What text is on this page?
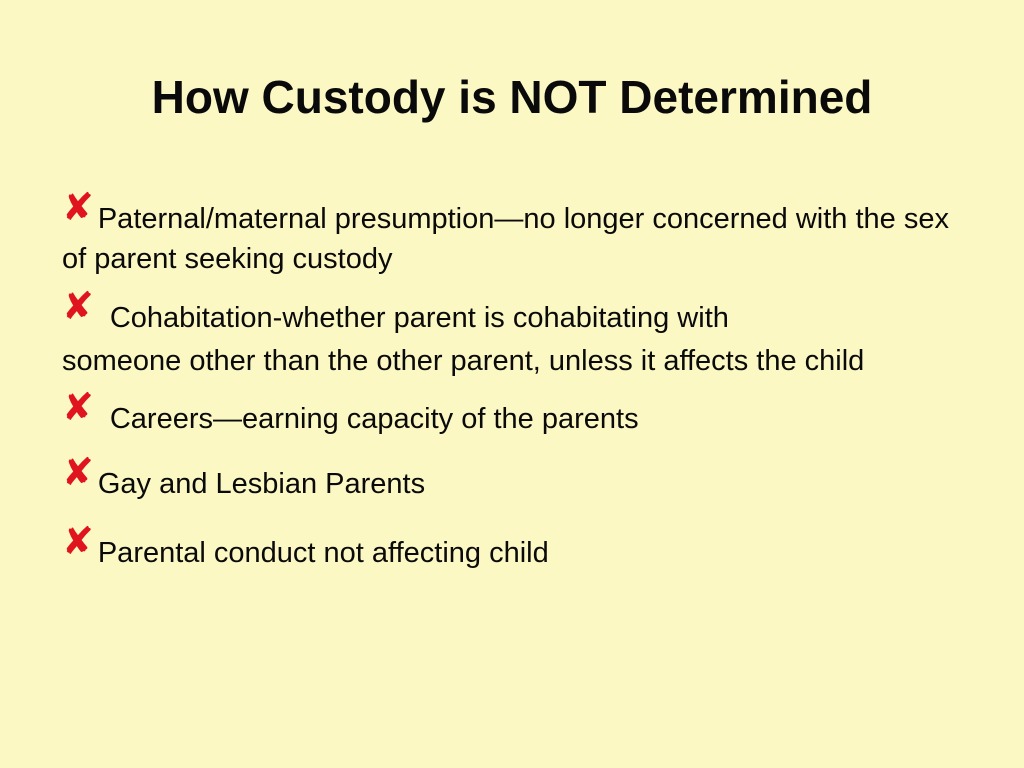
How Custody is NOT Determined
✘ Paternal/maternal presumption—no longer concerned with the sex of parent seeking custody
✘ Cohabitation-whether parent is cohabitating with
someone other than the other parent, unless it affects the child
✘ Careers—earning capacity of the parents
✘ Gay and Lesbian Parents
✘ Parental conduct not affecting child
